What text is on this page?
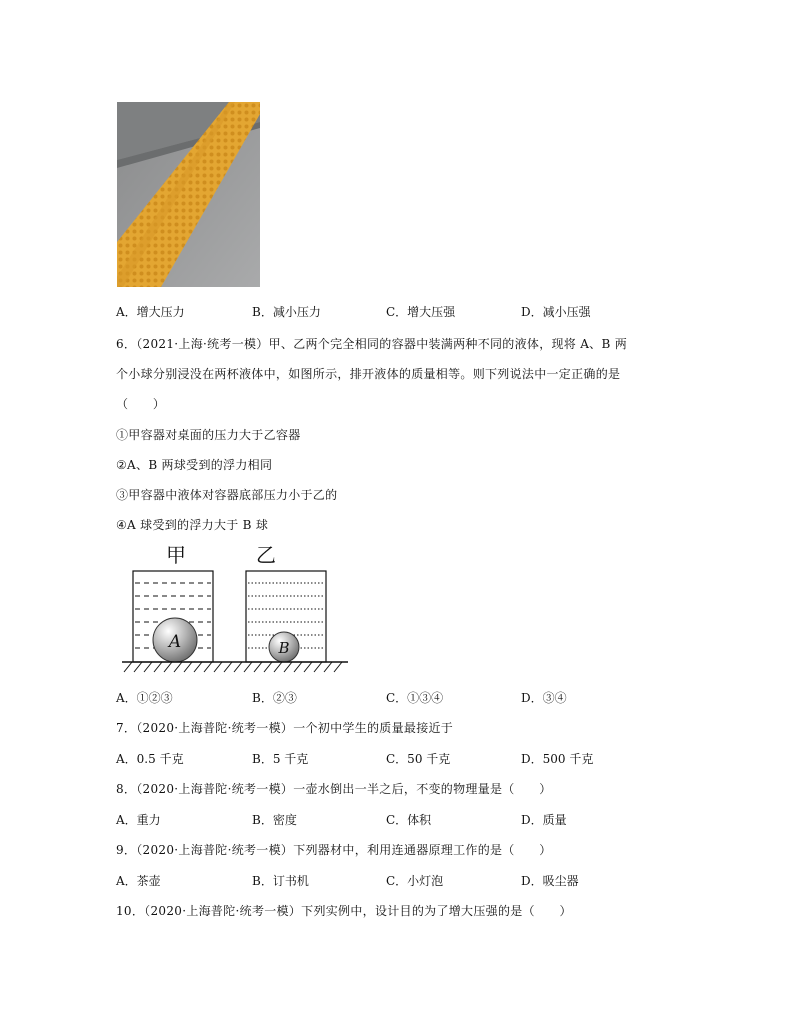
A．增大压力	B．减小压力	C．增大压强	D．减小压强
6．（2021·上海·统考一模）甲、乙两个完全相同的容器中装满两种不同的液体，现将 A、B 两
个小球分别浸没在两杯液体中，如图所示，排开液体的质量相等。则下列说法中一定正确的是
（　　）
①甲容器对桌面的压力大于乙容器
②A、B 两球受到的浮力相同
③甲容器中液体对容器底部压力小于乙的
④A 球受到的浮力大于 B 球
甲	乙
A	B
A．①②③	B．②③	C．①③④	D．③④
7．（2020·上海普陀·统考一模）一个初中学生的质量最接近于
A．0.5 千克	B．5 千克	C．50 千克	D．500 千克
8．（2020·上海普陀·统考一模）一壶水倒出一半之后，不变的物理量是（　　）
A．重力	B．密度	C．体积	D．质量
9．（2020·上海普陀·统考一模）下列器材中，利用连通器原理工作的是（　　）
A．茶壶	B．订书机	C．小灯泡	D．吸尘器
10．（2020·上海普陀·统考一模）下列实例中，设计目的为了增大压强的是（　　）
